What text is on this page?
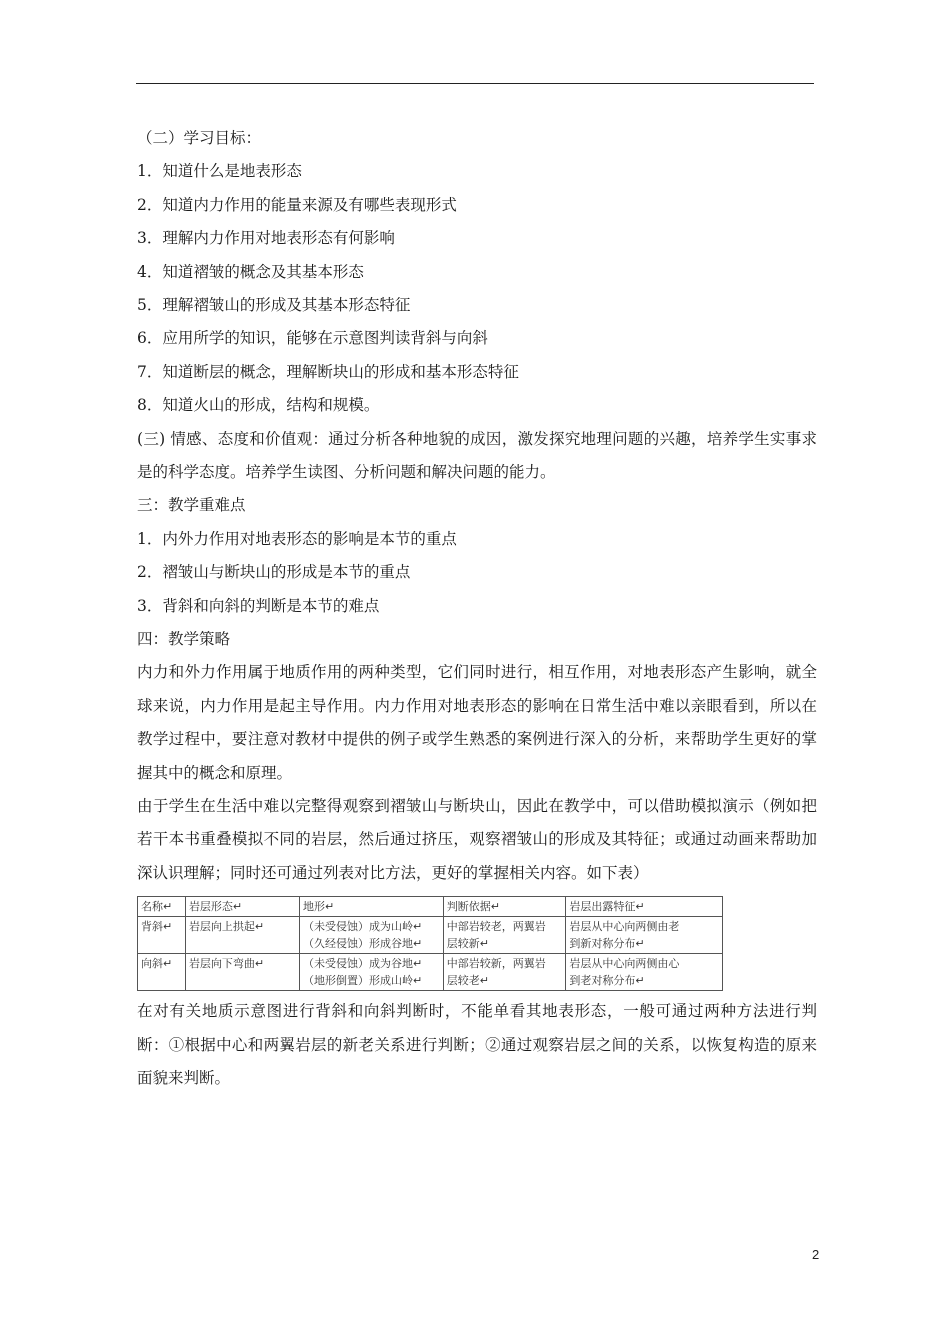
（二）学习目标：
1．知道什么是地表形态
2．知道内力作用的能量来源及有哪些表现形式
3．理解内力作用对地表形态有何影响
4．知道褶皱的概念及其基本形态
5．理解褶皱山的形成及其基本形态特征
6．应用所学的知识，能够在示意图判读背斜与向斜
7．知道断层的概念，理解断块山的形成和基本形态特征
8．知道火山的形成，结构和规模。
(三) 情感、态度和价值观：通过分析各种地貌的成因，激发探究地理问题的兴趣，培养学生实事求是的科学态度。培养学生读图、分析问题和解决问题的能力。
三：教学重难点
1．内外力作用对地表形态的影响是本节的重点
2．褶皱山与断块山的形成是本节的重点
3．背斜和向斜的判断是本节的难点
四：教学策略
内力和外力作用属于地质作用的两种类型，它们同时进行，相互作用，对地表形态产生影响，就全球来说，内力作用是起主导作用。内力作用对地表形态的影响在日常生活中难以亲眼看到，所以在教学过程中，要注意对教材中提供的例子或学生熟悉的案例进行深入的分析，来帮助学生更好的掌握其中的概念和原理。
由于学生在生活中难以完整得观察到褶皱山与断块山，因此在教学中，可以借助模拟演示（例如把若干本书重叠模拟不同的岩层，然后通过挤压，观察褶皱山的形成及其特征；或通过动画来帮助加深认识理解；同时还可通过列表对比方法，更好的掌握相关内容。如下表）
名称↵	岩层形态↵	地形↵	判断依据↵	岩层出露特征↵
背斜↵	岩层向上拱起↵	（未受侵蚀）成为山岭↵
（久经侵蚀）形成谷地↵	中部岩较老，两翼岩
层较新↵	岩层从中心向两侧由老
到新对称分布↵
向斜↵	岩层向下弯曲↵	（未受侵蚀）成为谷地↵
（地形倒置）形成山岭↵	中部岩较新，两翼岩
层较老↵	岩层从中心向两侧由心
到老对称分布↵
在对有关地质示意图进行背斜和向斜判断时，不能单看其地表形态，一般可通过两种方法进行判断：①根据中心和两翼岩层的新老关系进行判断；②通过观察岩层之间的关系，以恢复构造的原来面貌来判断。
2
